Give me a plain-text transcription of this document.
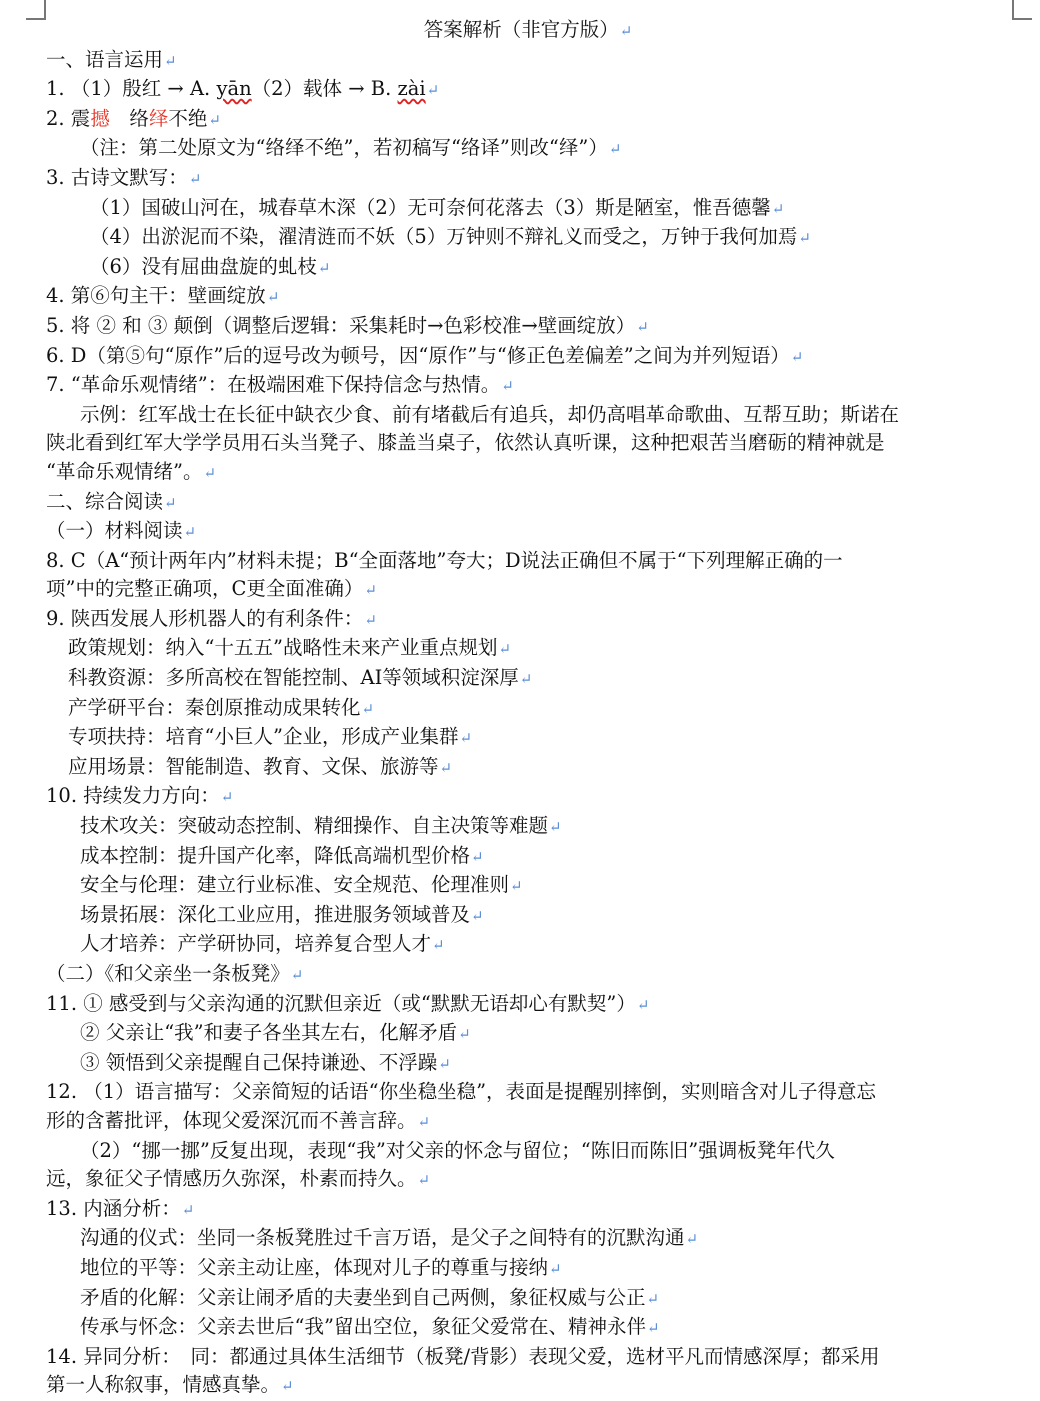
答案解析（非官方版） ↵
一、语言运用 ↵
1. （1）殷红 → A. yān（2）载体 → B. zài ↵
2. 震撼　络绎不绝 ↵
（注：第二处原文为“络绎不绝”，若初稿写“络译”则改“绎”） ↵
3. 古诗文默写： ↵
（1）国破山河在，城春草木深（2）无可奈何花落去（3）斯是陋室，惟吾德馨 ↵
（4）出淤泥而不染，濯清涟而不妖（5）万钟则不辩礼义而受之，万钟于我何加焉 ↵
（6）没有屈曲盘旋的虬枝 ↵
4. 第⑥句主干：壁画绽放 ↵
5. 将 ② 和 ③ 颠倒（调整后逻辑：采集耗时→色彩校准→壁画绽放） ↵
6. D（第⑤句“原作”后的逗号改为顿号，因“原作”与“修正色差偏差”之间为并列短语） ↵
7. “革命乐观情绪”：在极端困难下保持信念与热情。 ↵
示例：红军战士在长征中缺衣少食、前有堵截后有追兵，却仍高唱革命歌曲、互帮互助；斯诺在
陕北看到红军大学学员用石头当凳子、膝盖当桌子，依然认真听课，这种把艰苦当磨砺的精神就是
“革命乐观情绪”。 ↵
二、综合阅读 ↵
（一）材料阅读 ↵
8. C（A“预计两年内”材料未提；B“全面落地”夸大；D说法正确但不属于“下列理解正确的一
项”中的完整正确项，C更全面准确） ↵
9. 陕西发展人形机器人的有利条件： ↵
政策规划：纳入“十五五”战略性未来产业重点规划 ↵
科教资源：多所高校在智能控制、AI等领域积淀深厚 ↵
产学研平台：秦创原推动成果转化 ↵
专项扶持：培育“小巨人”企业，形成产业集群 ↵
应用场景：智能制造、教育、文保、旅游等 ↵
10. 持续发力方向： ↵
技术攻关：突破动态控制、精细操作、自主决策等难题 ↵
成本控制：提升国产化率，降低高端机型价格 ↵
安全与伦理：建立行业标准、安全规范、伦理准则 ↵
场景拓展：深化工业应用，推进服务领域普及 ↵
人才培养：产学研协同，培养复合型人才 ↵
（二）《和父亲坐一条板凳》 ↵
11. ① 感受到与父亲沟通的沉默但亲近（或“默默无语却心有默契”） ↵
② 父亲让“我”和妻子各坐其左右，化解矛盾 ↵
③ 领悟到父亲提醒自己保持谦逊、不浮躁 ↵
12. （1）语言描写：父亲简短的话语“你坐稳坐稳”，表面是提醒别摔倒，实则暗含对儿子得意忘
形的含蓄批评，体现父爱深沉而不善言辞。 ↵
（2）“挪一挪”反复出现，表现“我”对父亲的怀念与留位；“陈旧而陈旧”强调板凳年代久
远，象征父子情感历久弥深，朴素而持久。 ↵
13. 内涵分析： ↵
沟通的仪式：坐同一条板凳胜过千言万语，是父子之间特有的沉默沟通 ↵
地位的平等：父亲主动让座，体现对儿子的尊重与接纳 ↵
矛盾的化解：父亲让闹矛盾的夫妻坐到自己两侧，象征权威与公正 ↵
传承与怀念：父亲去世后“我”留出空位，象征父爱常在、精神永伴 ↵
14. 异同分析：　同：都通过具体生活细节（板凳/背影）表现父爱，选材平凡而情感深厚；都采用
第一人称叙事，情感真挚。 ↵
